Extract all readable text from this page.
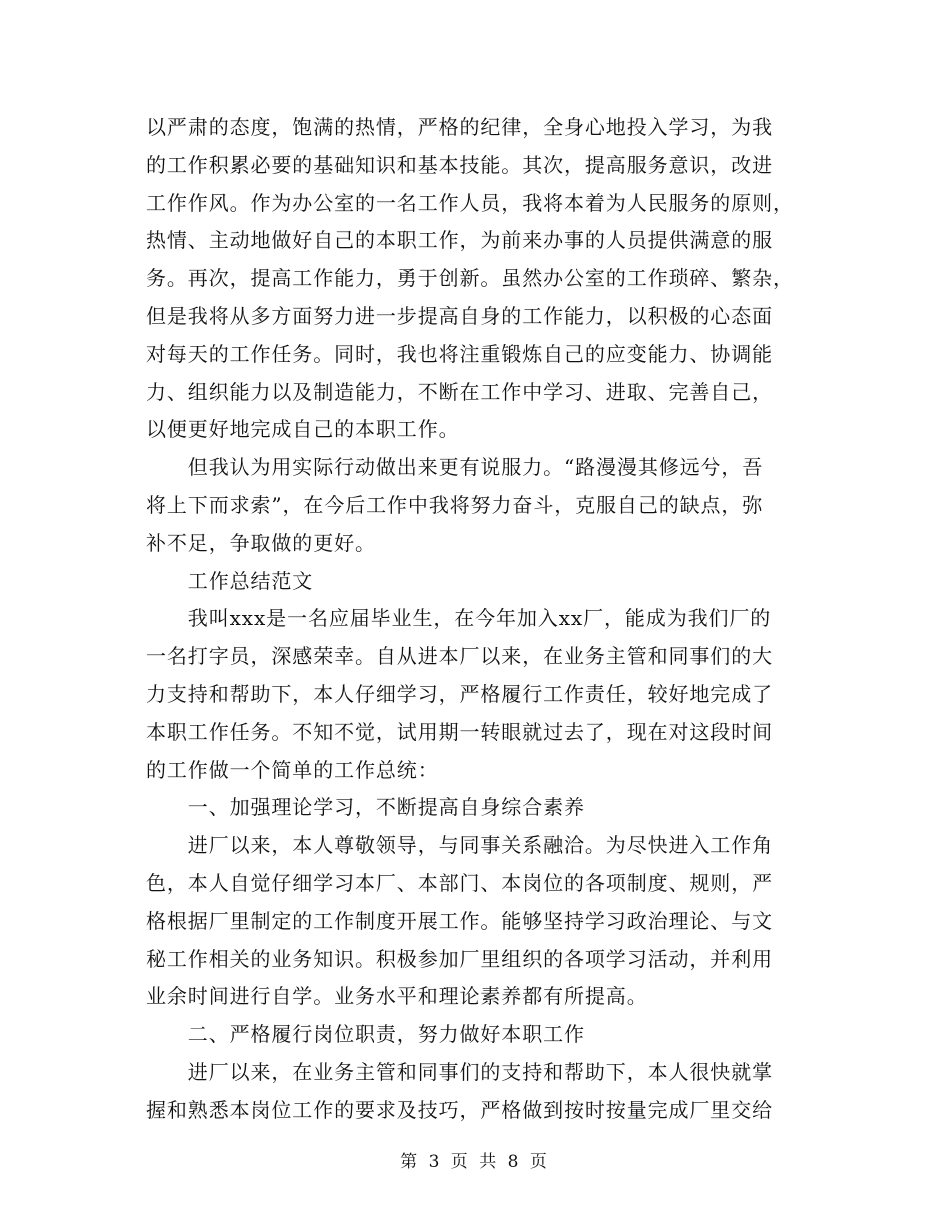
以严肃的态度，饱满的热情，严格的纪律，全身心地投入学习，为我
的工作积累必要的基础知识和基本技能。其次，提高服务意识，改进
工作作风。作为办公室的一名工作人员，我将本着为人民服务的原则，
热情、主动地做好自己的本职工作，为前来办事的人员提供满意的服
务。再次，提高工作能力，勇于创新。虽然办公室的工作琐碎、繁杂，
但是我将从多方面努力进一步提高自身的工作能力，以积极的心态面
对每天的工作任务。同时，我也将注重锻炼自己的应变能力、协调能
力、组织能力以及制造能力，不断在工作中学习、进取、完善自己，
以便更好地完成自己的本职工作。
　　但我认为用实际行动做出来更有说服力。“路漫漫其修远兮，吾
将上下而求索”，在今后工作中我将努力奋斗，克服自己的缺点，弥
补不足，争取做的更好。
　　工作总结范文
　　我叫xxx是一名应届毕业生，在今年加入xx厂，能成为我们厂的
一名打字员，深感荣幸。自从进本厂以来，在业务主管和同事们的大
力支持和帮助下，本人仔细学习，严格履行工作责任，较好地完成了
本职工作任务。不知不觉，试用期一转眼就过去了，现在对这段时间
的工作做一个简单的工作总统：
　　一、加强理论学习，不断提高自身综合素养
　　进厂以来，本人尊敬领导，与同事关系融洽。为尽快进入工作角
色，本人自觉仔细学习本厂、本部门、本岗位的各项制度、规则，严
格根据厂里制定的工作制度开展工作。能够坚持学习政治理论、与文
秘工作相关的业务知识。积极参加厂里组织的各项学习活动，并利用
业余时间进行自学。业务水平和理论素养都有所提高。
　　二、严格履行岗位职责，努力做好本职工作
　　进厂以来，在业务主管和同事们的支持和帮助下，本人很快就掌
握和熟悉本岗位工作的要求及技巧，严格做到按时按量完成厂里交给
第 3 页 共 8 页
